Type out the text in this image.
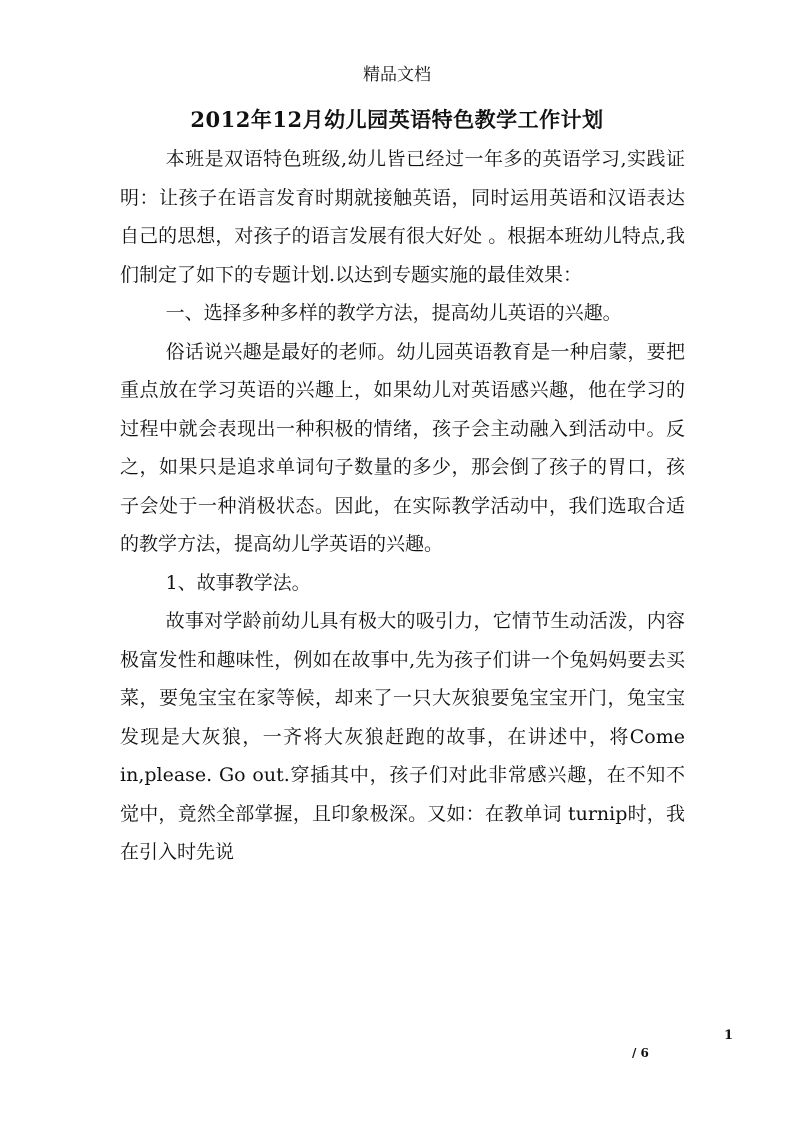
精品文档
2012年12月幼儿园英语特色教学工作计划

本班是双语特色班级,幼儿皆已经过一年多的英语学习,实践证明：让孩子在语言发育时期就接触英语，同时运用英语和汉语表达自己的思想，对孩子的语言发展有很大好处 。根据本班幼儿特点,我们制定了如下的专题计划.以达到专题实施的最佳效果：

一、选择多种多样的教学方法，提高幼儿英语的兴趣。

俗话说兴趣是最好的老师。幼儿园英语教育是一种启蒙，要把重点放在学习英语的兴趣上，如果幼儿对英语感兴趣，他在学习的过程中就会表现出一种积极的情绪，孩子会主动融入到活动中。反之，如果只是追求单词句子数量的多少，那会倒了孩子的胃口，孩子会处于一种消极状态。因此，在实际教学活动中，我们选取合适的教学方法，提高幼儿学英语的兴趣。

1、故事教学法。

故事对学龄前幼儿具有极大的吸引力，它情节生动活泼，内容极富发性和趣味性，例如在故事中,先为孩子们讲一个兔妈妈要去买菜，要兔宝宝在家等候，却来了一只大灰狼要兔宝宝开门，兔宝宝发现是大灰狼，一齐将大灰狼赶跑的故事，在讲述中，将Come in,please. Go out.穿插其中，孩子们对此非常感兴趣，在不知不觉中，竟然全部掌握，且印象极深。又如：在教单词 turnip时，我在引入时先说

1
/ 6
